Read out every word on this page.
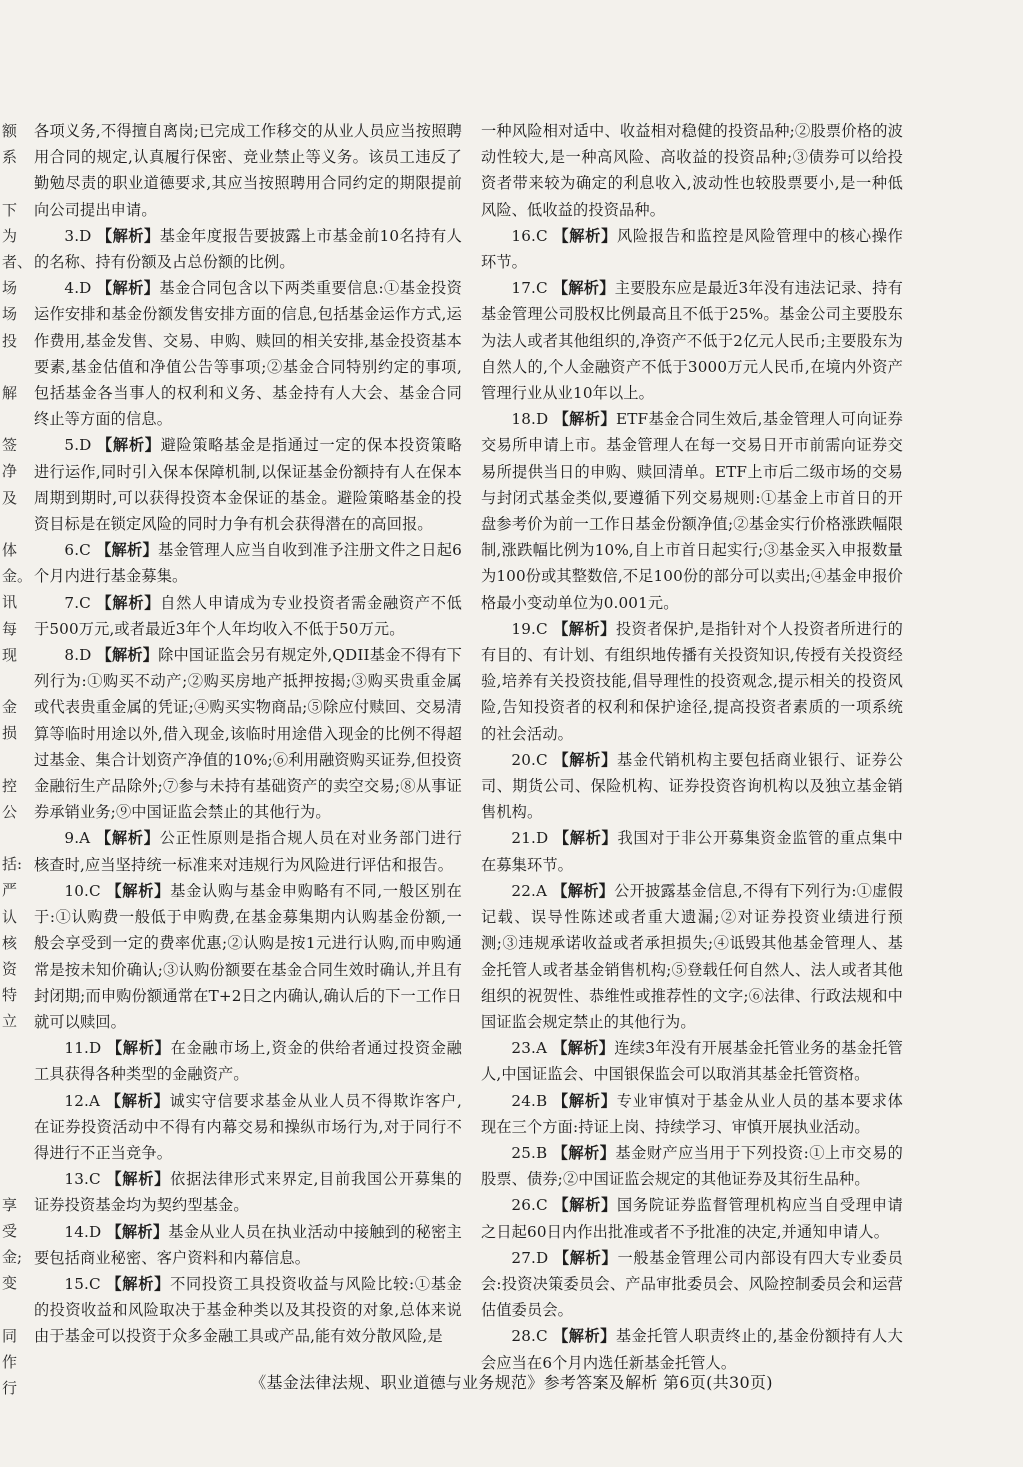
额
系
下
为
者、
场
场
投
解
签
净
及
体
金。
讯
每
现
金
损
控
公
括:
严
认
核
资
特
立
享
受
金;
变
同
作
行

各项义务,不得擅自离岗;已完成工作移交的从业人员应当按照聘用合同的规定,认真履行保密、竞业禁止等义务。该员工违反了勤勉尽责的职业道德要求,其应当按照聘用合同约定的期限提前向公司提出申请。

3.D 【解析】基金年度报告要披露上市基金前10名持有人的名称、持有份额及占总份额的比例。

4.D 【解析】基金合同包含以下两类重要信息:①基金投资运作安排和基金份额发售安排方面的信息,包括基金运作方式,运作费用,基金发售、交易、申购、赎回的相关安排,基金投资基本要素,基金估值和净值公告等事项;②基金合同特别约定的事项,包括基金各当事人的权利和义务、基金持有人大会、基金合同终止等方面的信息。

5.D 【解析】避险策略基金是指通过一定的保本投资策略进行运作,同时引入保本保障机制,以保证基金份额持有人在保本周期到期时,可以获得投资本金保证的基金。避险策略基金的投资目标是在锁定风险的同时力争有机会获得潜在的高回报。

6.C 【解析】基金管理人应当自收到准予注册文件之日起6个月内进行基金募集。

7.C 【解析】自然人申请成为专业投资者需金融资产不低于500万元,或者最近3年个人年均收入不低于50万元。

8.D 【解析】除中国证监会另有规定外,QDII基金不得有下列行为:①购买不动产;②购买房地产抵押按揭;③购买贵重金属或代表贵重金属的凭证;④购买实物商品;⑤除应付赎回、交易清算等临时用途以外,借入现金,该临时用途借入现金的比例不得超过基金、集合计划资产净值的10%;⑥利用融资购买证券,但投资金融衍生产品除外;⑦参与未持有基础资产的卖空交易;⑧从事证券承销业务;⑨中国证监会禁止的其他行为。

9.A 【解析】公正性原则是指合规人员在对业务部门进行核查时,应当坚持统一标准来对违规行为风险进行评估和报告。

10.C 【解析】基金认购与基金申购略有不同,一般区别在于:①认购费一般低于申购费,在基金募集期内认购基金份额,一般会享受到一定的费率优惠;②认购是按1元进行认购,而申购通常是按未知价确认;③认购份额要在基金合同生效时确认,并且有封闭期;而申购份额通常在T+2日之内确认,确认后的下一工作日就可以赎回。

11.D 【解析】在金融市场上,资金的供给者通过投资金融工具获得各种类型的金融资产。

12.A 【解析】诚实守信要求基金从业人员不得欺诈客户,在证券投资活动中不得有内幕交易和操纵市场行为,对于同行不得进行不正当竞争。

13.C 【解析】依据法律形式来界定,目前我国公开募集的证券投资基金均为契约型基金。

14.D 【解析】基金从业人员在执业活动中接触到的秘密主要包括商业秘密、客户资料和内幕信息。

15.C 【解析】不同投资工具投资收益与风险比较:①基金的投资收益和风险取决于基金种类以及其投资的对象,总体来说由于基金可以投资于众多金融工具或产品,能有效分散风险,是

一种风险相对适中、收益相对稳健的投资品种;②股票价格的波动性较大,是一种高风险、高收益的投资品种;③债券可以给投资者带来较为确定的利息收入,波动性也较股票要小,是一种低风险、低收益的投资品种。

16.C 【解析】风险报告和监控是风险管理中的核心操作环节。

17.C 【解析】主要股东应是最近3年没有违法记录、持有基金管理公司股权比例最高且不低于25%。基金公司主要股东为法人或者其他组织的,净资产不低于2亿元人民币;主要股东为自然人的,个人金融资产不低于3000万元人民币,在境内外资产管理行业从业10年以上。

18.D 【解析】ETF基金合同生效后,基金管理人可向证券交易所申请上市。基金管理人在每一交易日开市前需向证券交易所提供当日的申购、赎回清单。ETF上市后二级市场的交易与封闭式基金类似,要遵循下列交易规则:①基金上市首日的开盘参考价为前一工作日基金份额净值;②基金实行价格涨跌幅限制,涨跌幅比例为10%,自上市首日起实行;③基金买入申报数量为100份或其整数倍,不足100份的部分可以卖出;④基金申报价格最小变动单位为0.001元。

19.C 【解析】投资者保护,是指针对个人投资者所进行的有目的、有计划、有组织地传播有关投资知识,传授有关投资经验,培养有关投资技能,倡导理性的投资观念,提示相关的投资风险,告知投资者的权利和保护途径,提高投资者素质的一项系统的社会活动。

20.C 【解析】基金代销机构主要包括商业银行、证券公司、期货公司、保险机构、证券投资咨询机构以及独立基金销售机构。

21.D 【解析】我国对于非公开募集资金监管的重点集中在募集环节。

22.A 【解析】公开披露基金信息,不得有下列行为:①虚假记载、误导性陈述或者重大遗漏;②对证券投资业绩进行预测;③违规承诺收益或者承担损失;④诋毁其他基金管理人、基金托管人或者基金销售机构;⑤登载任何自然人、法人或者其他组织的祝贺性、恭维性或推荐性的文字;⑥法律、行政法规和中国证监会规定禁止的其他行为。

23.A 【解析】连续3年没有开展基金托管业务的基金托管人,中国证监会、中国银保监会可以取消其基金托管资格。

24.B 【解析】专业审慎对于基金从业人员的基本要求体现在三个方面:持证上岗、持续学习、审慎开展执业活动。

25.B 【解析】基金财产应当用于下列投资:①上市交易的股票、债券;②中国证监会规定的其他证券及其衍生品种。

26.C 【解析】国务院证券监督管理机构应当自受理申请之日起60日内作出批准或者不予批准的决定,并通知申请人。

27.D 【解析】一般基金管理公司内部设有四大专业委员会:投资决策委员会、产品审批委员会、风险控制委员会和运营估值委员会。

28.C 【解析】基金托管人职责终止的,基金份额持有人大会应当在6个月内选任新基金托管人。

《基金法律法规、职业道德与业务规范》参考答案及解析 第6页(共30页)
